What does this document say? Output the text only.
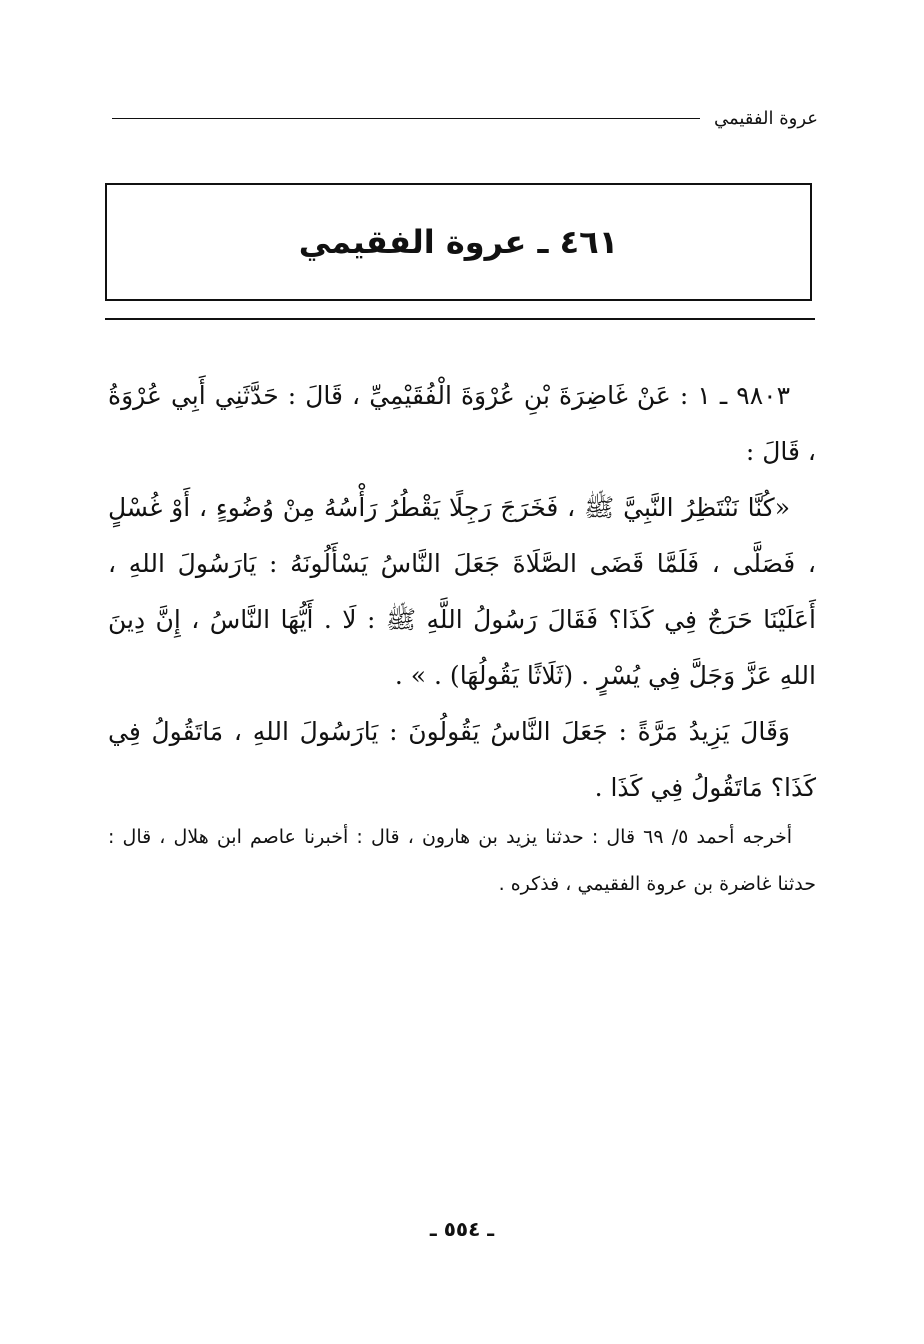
عروة الفقيمي
٤٦١ ـ عروة الفقيمي

٩٨٠٣ ـ ١ : عَنْ غَاضِرَةَ بْنِ عُرْوَةَ الْفُقَيْمِيِّ ، قَالَ : حَدَّثَنِي أَبِي عُرْوَةُ ، قَالَ :

«كُنَّا نَنْتَظِرُ النَّبِيَّ ﷺ ، فَخَرَجَ رَجِلًا يَقْطُرُ رَأْسُهُ مِنْ وُضُوءٍ ، أَوْ غُسْلٍ ، فَصَلَّى ، فَلَمَّا قَضَى الصَّلَاةَ جَعَلَ النَّاسُ يَسْأَلُونَهُ : يَارَسُولَ اللهِ ، أَعَلَيْنَا حَرَجٌ فِي كَذَا؟ فَقَالَ رَسُولُ اللَّهِ ﷺ : لَا . أَيُّهَا النَّاسُ ، إِنَّ دِينَ اللهِ عَزَّ وَجَلَّ فِي يُسْرٍ . (ثَلَاثًا يَقُولُهَا) . » .

وَقَالَ يَزِيدُ مَرَّةً : جَعَلَ النَّاسُ يَقُولُونَ : يَارَسُولَ اللهِ ، مَاتَقُولُ فِي كَذَا؟ مَاتَقُولُ فِي كَذَا .

أخرجه أحمد ٥/ ٦٩ قال : حدثنا يزيد بن هارون ، قال : أخبرنا عاصم ابن هلال ، قال : حدثنا غاضرة بن عروة الفقيمي ، فذكره .

ـ ٥٥٤ ـ
